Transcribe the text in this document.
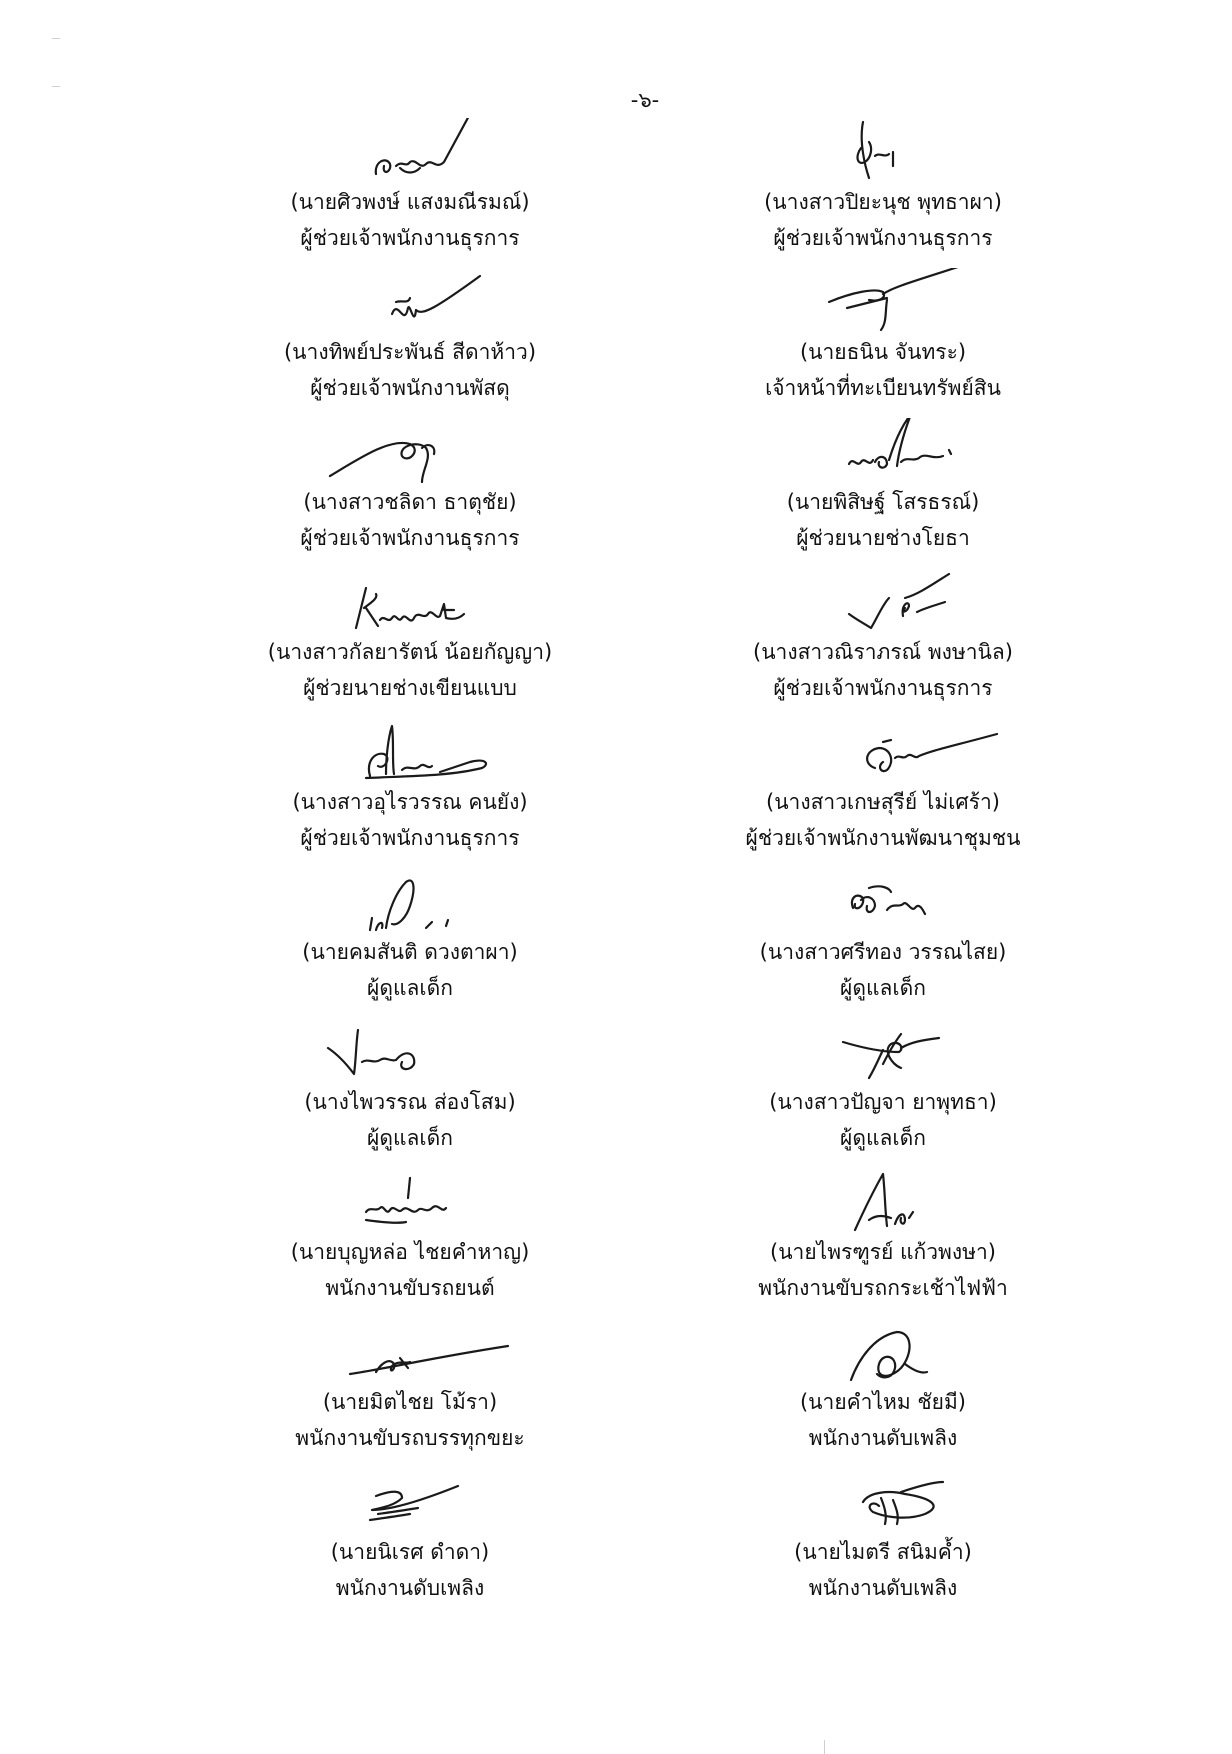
-๖-
(นายศิวพงษ์ แสงมณีรมณ์)
ผู้ช่วยเจ้าพนักงานธุรการ
(นางทิพย์ประพันธ์ สีดาห้าว)
ผู้ช่วยเจ้าพนักงานพัสดุ
(นางสาวชลิดา ธาตุชัย)
ผู้ช่วยเจ้าพนักงานธุรการ
(นางสาวกัลยารัตน์ น้อยกัญญา)
ผู้ช่วยนายช่างเขียนแบบ
(นางสาวอุไรวรรณ คนยัง)
ผู้ช่วยเจ้าพนักงานธุรการ
(นายคมสันติ ดวงตาผา)
ผู้ดูแลเด็ก
(นางไพวรรณ ส่องโสม)
ผู้ดูแลเด็ก
(นายบุญหล่อ ไชยคำหาญ)
พนักงานขับรถยนต์
(นายมิตไชย โม้รา)
พนักงานขับรถบรรทุกขยะ
(นายนิเรศ ดำดา)
พนักงานดับเพลิง
(นางสาวปิยะนุช พุทธาผา)
ผู้ช่วยเจ้าพนักงานธุรการ
(นายธนิน จันทระ)
เจ้าหน้าที่ทะเบียนทรัพย์สิน
(นายพิสิษฐ์ โสรธรณ์)
ผู้ช่วยนายช่างโยธา
(นางสาวณิราภรณ์ พงษานิล)
ผู้ช่วยเจ้าพนักงานธุรการ
(นางสาวเกษสุรีย์ ไม่เศร้า)
ผู้ช่วยเจ้าพนักงานพัฒนาชุมชน
(นางสาวศรีทอง วรรณไสย)
ผู้ดูแลเด็ก
(นางสาวปัญจา ยาพุทธา)
ผู้ดูแลเด็ก
(นายไพรฑูรย์ แก้วพงษา)
พนักงานขับรถกระเช้าไฟฟ้า
(นายคำไหม ชัยมี)
พนักงานดับเพลิง
(นายไมตรี สนิมค้ำ)
พนักงานดับเพลิง
